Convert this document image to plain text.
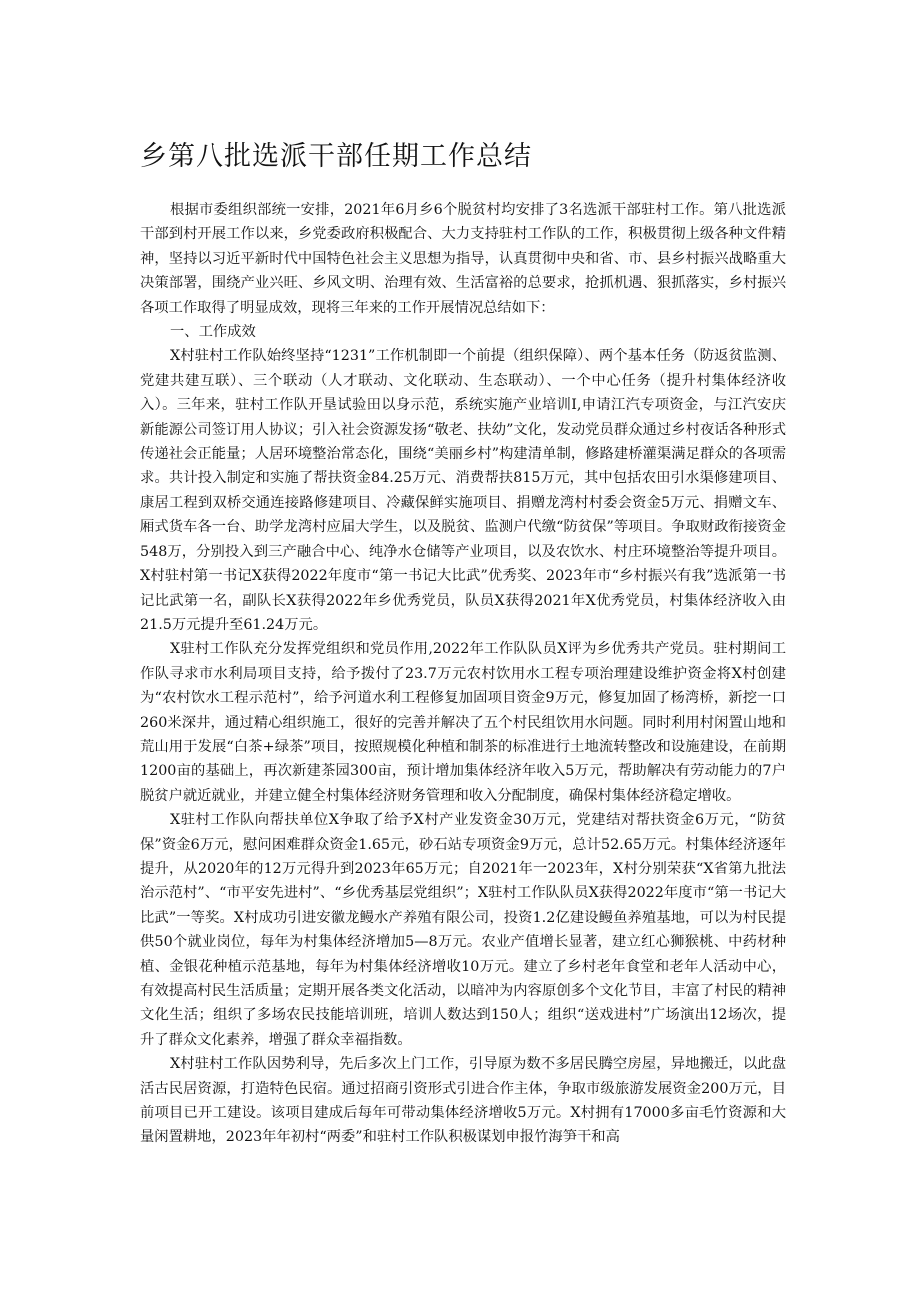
乡第八批选派干部任期工作总结

根据市委组织部统一安排，2021年6月乡6个脱贫村均安排了3名选派干部驻村工作。第八批选派干部到村开展工作以来，乡党委政府积极配合、大力支持驻村工作队的工作，积极贯彻上级各种文件精神，坚持以习近平新时代中国特色社会主义思想为指导，认真贯彻中央和省、市、县乡村振兴战略重大决策部署，围绕产业兴旺、乡风文明、治理有效、生活富裕的总要求，抢抓机遇、狠抓落实，乡村振兴各项工作取得了明显成效，现将三年来的工作开展情况总结如下：

一、工作成效

X村驻村工作队始终坚持“1231”工作机制即一个前提（组织保障）、两个基本任务（防返贫监测、党建共建互联）、三个联动（人才联动、文化联动、生态联动）、一个中心任务（提升村集体经济收入）。三年来，驻村工作队开垦试验田以身示范，系统实施产业培训I,申请江汽专项资金，与江汽安庆新能源公司签订用人协议；引入社会资源发扬“敬老、扶幼”文化，发动党员群众通过乡村夜话各种形式传递社会正能量；人居环境整治常态化，围绕“美丽乡村”构建清单制，修路建桥灌渠满足群众的各项需求。共计投入制定和实施了帮扶资金84.25万元、消费帮扶815万元，其中包括农田引水渠修建项目、康居工程到双桥交通连接路修建项目、冷藏保鲜实施项目、捐赠龙湾村村委会资金5万元、捐赠文车、厢式货车各一台、助学龙湾村应届大学生，以及脱贫、监测户代缴“防贫保”等项目。争取财政衔接资金548万，分别投入到三产融合中心、纯净水仓储等产业项目，以及农饮水、村庄环境整治等提升项目。X村驻村第一书记X获得2022年度市“第一书记大比武”优秀奖、2023年市“乡村振兴有我”选派第一书记比武第一名，副队长X获得2022年乡优秀党员，队员X获得2021年X优秀党员，村集体经济收入由21.5万元提升至61.24万元。

X驻村工作队充分发挥党组织和党员作用,2022年工作队队员X评为乡优秀共产党员。驻村期间工作队寻求市水利局项目支持，给予拨付了23.7万元农村饮用水工程专项治理建设维护资金将X村创建为“农村饮水工程示范村”，给予河道水利工程修复加固项目资金9万元，修复加固了杨湾桥，新挖一口260米深井，通过精心组织施工，很好的完善并解决了五个村民组饮用水问题。同时利用村闲置山地和荒山用于发展“白茶+绿茶”项目，按照规模化种植和制茶的标准进行土地流转整改和设施建设，在前期1200亩的基础上，再次新建茶园300亩，预计增加集体经济年收入5万元，帮助解决有劳动能力的7户脱贫户就近就业，并建立健全村集体经济财务管理和收入分配制度，确保村集体经济稳定增收。

X驻村工作队向帮扶单位X争取了给予X村产业发资金30万元，党建结对帮扶资金6万元，“防贫保”资金6万元，慰问困难群众资金1.65元，砂石站专项资金9万元，总计52.65万元。村集体经济逐年提升，从2020年的12万元得升到2023年65万元；自2021年一2023年，X村分别荣获“X省第九批法治示范村”、“市平安先进村”、“乡优秀基层党组织”；X驻村工作队队员X获得2022年度市“第一书记大比武”一等奖。X村成功引进安徽龙鳗水产养殖有限公司，投资1.2亿建设鳗鱼养殖基地，可以为村民提供50个就业岗位，每年为村集体经济增加5—8万元。农业产值增长显著，建立红心狮猴桃、中药材种植、金银花种植示范基地，每年为村集体经济增收10万元。建立了乡村老年食堂和老年人活动中心，有效提高村民生活质量；定期开展各类文化活动，以暗冲为内容原创多个文化节目，丰富了村民的精神文化生活；组织了多场农民技能培训班，培训人数达到150人；组织“送戏进村”广场演出12场次，提升了群众文化素养，增强了群众幸福指数。

X村驻村工作队因势利导，先后多次上门工作，引导原为数不多居民腾空房屋，异地搬迁，以此盘活古民居资源，打造特色民宿。通过招商引资形式引进合作主体，争取市级旅游发展资金200万元，目前项目已开工建设。该项目建成后每年可带动集体经济增收5万元。X村拥有17000多亩毛竹资源和大量闲置耕地，2023年年初村“两委”和驻村工作队积极谋划申报竹海笋干和高
